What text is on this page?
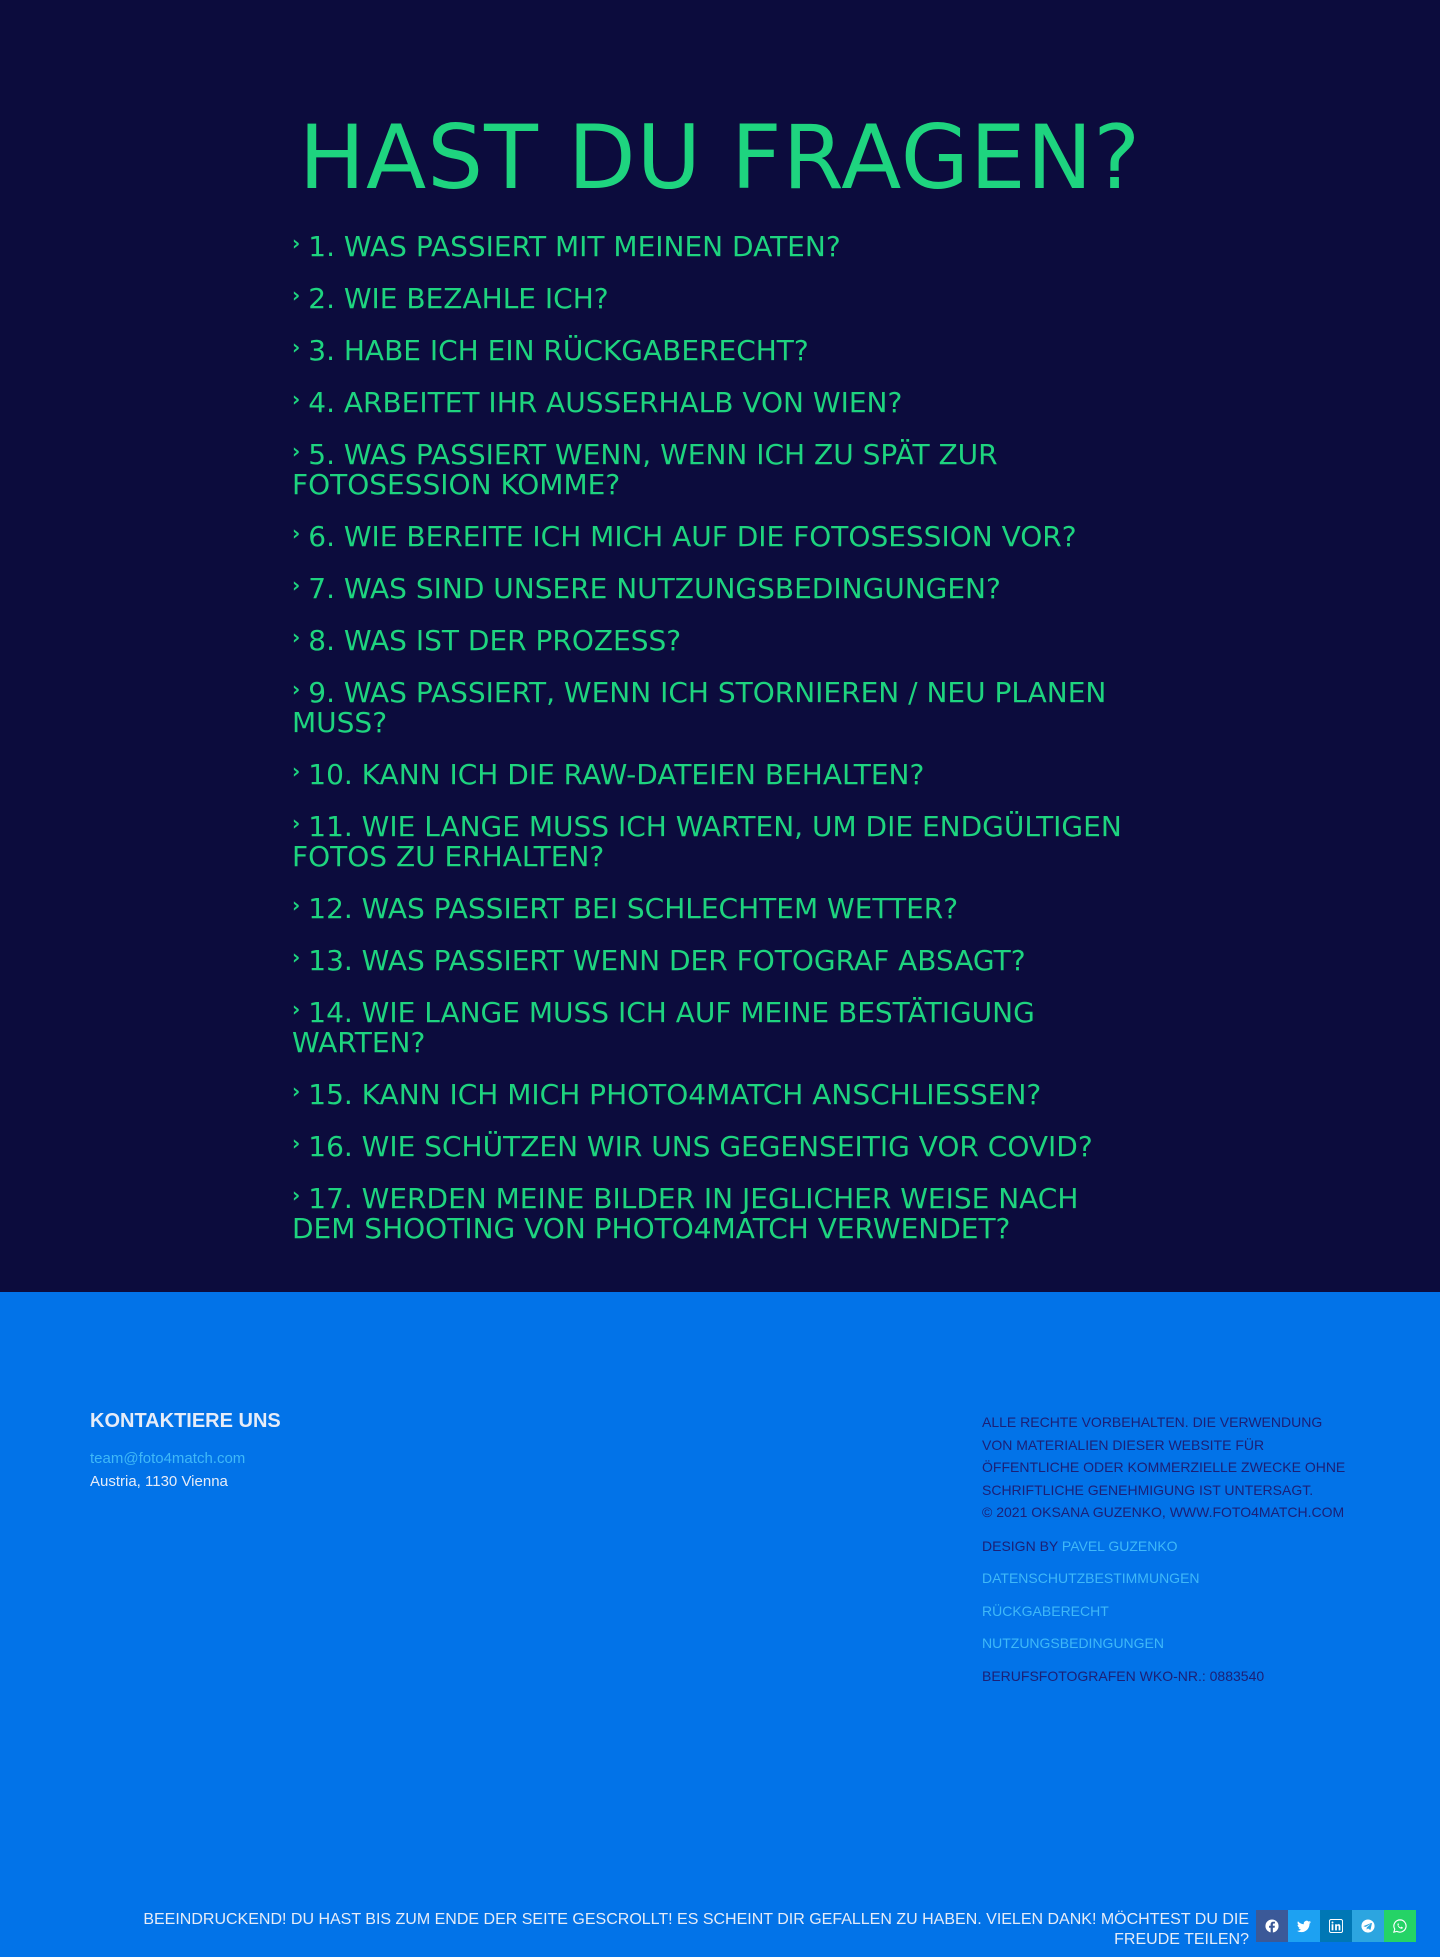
HAST DU FRAGEN?
› 1. WAS PASSIERT MIT MEINEN DATEN?
› 2. WIE BEZAHLE ICH?
› 3. HABE ICH EIN RÜCKGABERECHT?
› 4. ARBEITET IHR AUSSERHALB VON WIEN?
› 5. WAS PASSIERT WENN, WENN ICH ZU SPÄT ZUR FOTOSESSION KOMME?
› 6. WIE BEREITE ICH MICH AUF DIE FOTOSESSION VOR?
› 7. WAS SIND UNSERE NUTZUNGSBEDINGUNGEN?
› 8. WAS IST DER PROZESS?
› 9. WAS PASSIERT, WENN ICH STORNIEREN / NEU PLANEN MUSS?
› 10. KANN ICH DIE RAW-DATEIEN BEHALTEN?
› 11. WIE LANGE MUSS ICH WARTEN, UM DIE ENDGÜLTIGEN FOTOS ZU ERHALTEN?
› 12. WAS PASSIERT BEI SCHLECHTEM WETTER?
› 13. WAS PASSIERT WENN DER FOTOGRAF ABSAGT?
› 14. WIE LANGE MUSS ICH AUF MEINE BESTÄTIGUNG WARTEN?
› 15. KANN ICH MICH PHOTO4MATCH ANSCHLIESSEN?
› 16. WIE SCHÜTZEN WIR UNS GEGENSEITIG VOR COVID?
› 17. WERDEN MEINE BILDER IN JEGLICHER WEISE NACH DEM SHOOTING VON PHOTO4MATCH VERWENDET?
KONTAKTIERE UNS
team@foto4match.com
Austria, 1130 Vienna

ALLE RECHTE VORBEHALTEN. DIE VERWENDUNG VON MATERIALIEN DIESER WEBSITE FÜR ÖFFENTLICHE ODER KOMMERZIELLE ZWECKE OHNE SCHRIFTLICHE GENEHMIGUNG IST UNTERSAGT.

© 2021 OKSANA GUZENKO, WWW.FOTO4MATCH.COM

DESIGN BY PAVEL GUZENKO

DATENSCHUTZBESTIMMUNGEN
RÜCKGABERECHT
NUTZUNGSBEDINGUNGEN

BERUFSFOTOGRAFEN WKO-NR.: 0883540

BEEINDRUCKEND! DU HAST BIS ZUM ENDE DER SEITE GESCROLLT! ES SCHEINT DIR GEFALLEN ZU HABEN. VIELEN DANK! MÖCHTEST DU DIE FREUDE TEILEN?
